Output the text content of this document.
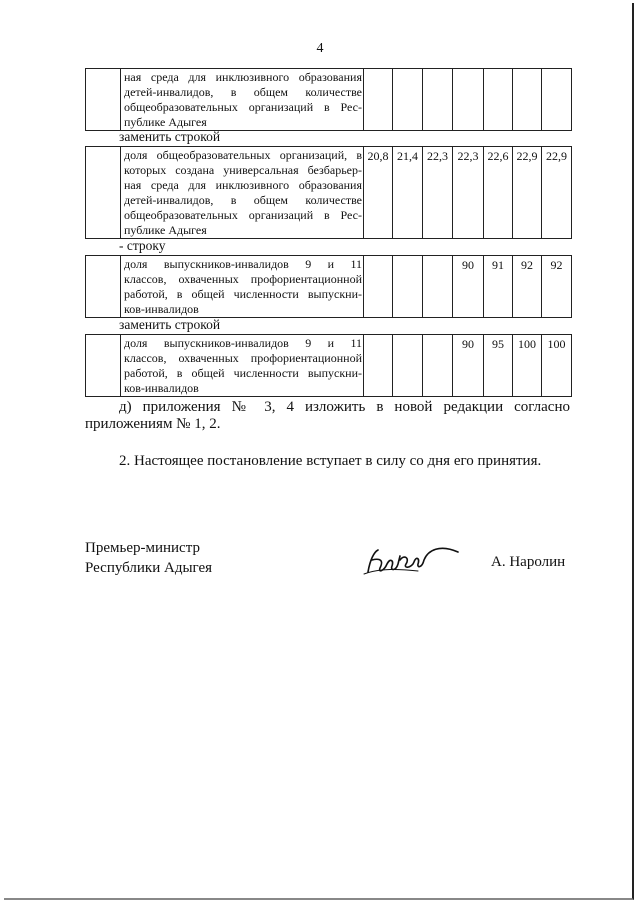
4

ная среда для инклюзивного образования
детей-инвалидов, в общем количестве
общеобразовательных организаций в Рес-
публике Адыгея

заменить строкой

доля общеобразовательных организаций, в
которых создана универсальная безбарьер-
ная среда для инклюзивного образования
детей-инвалидов, в общем количестве
общеобразовательных организаций в Рес-
публике Адыгея
	20,8	21,4	22,3	22,3	22,6	22,9	22,9
- строку

доля выпускников-инвалидов 9 и 11
классов, охваченных профориентационной
работой, в общей численности выпускни-
ков-инвалидов
				90	91	92	92
заменить строкой

доля выпускников-инвалидов 9 и 11
классов, охваченных профориентационной
работой, в общей численности выпускни-
ков-инвалидов
				90	95	100	100
д) приложения № 3, 4 изложить в новой редакции согласно
приложениям № 1, 2.
2. Настоящее постановление вступает в силу со дня его принятия.
Премьер-министр
Республики Адыгея	А. Наролин
